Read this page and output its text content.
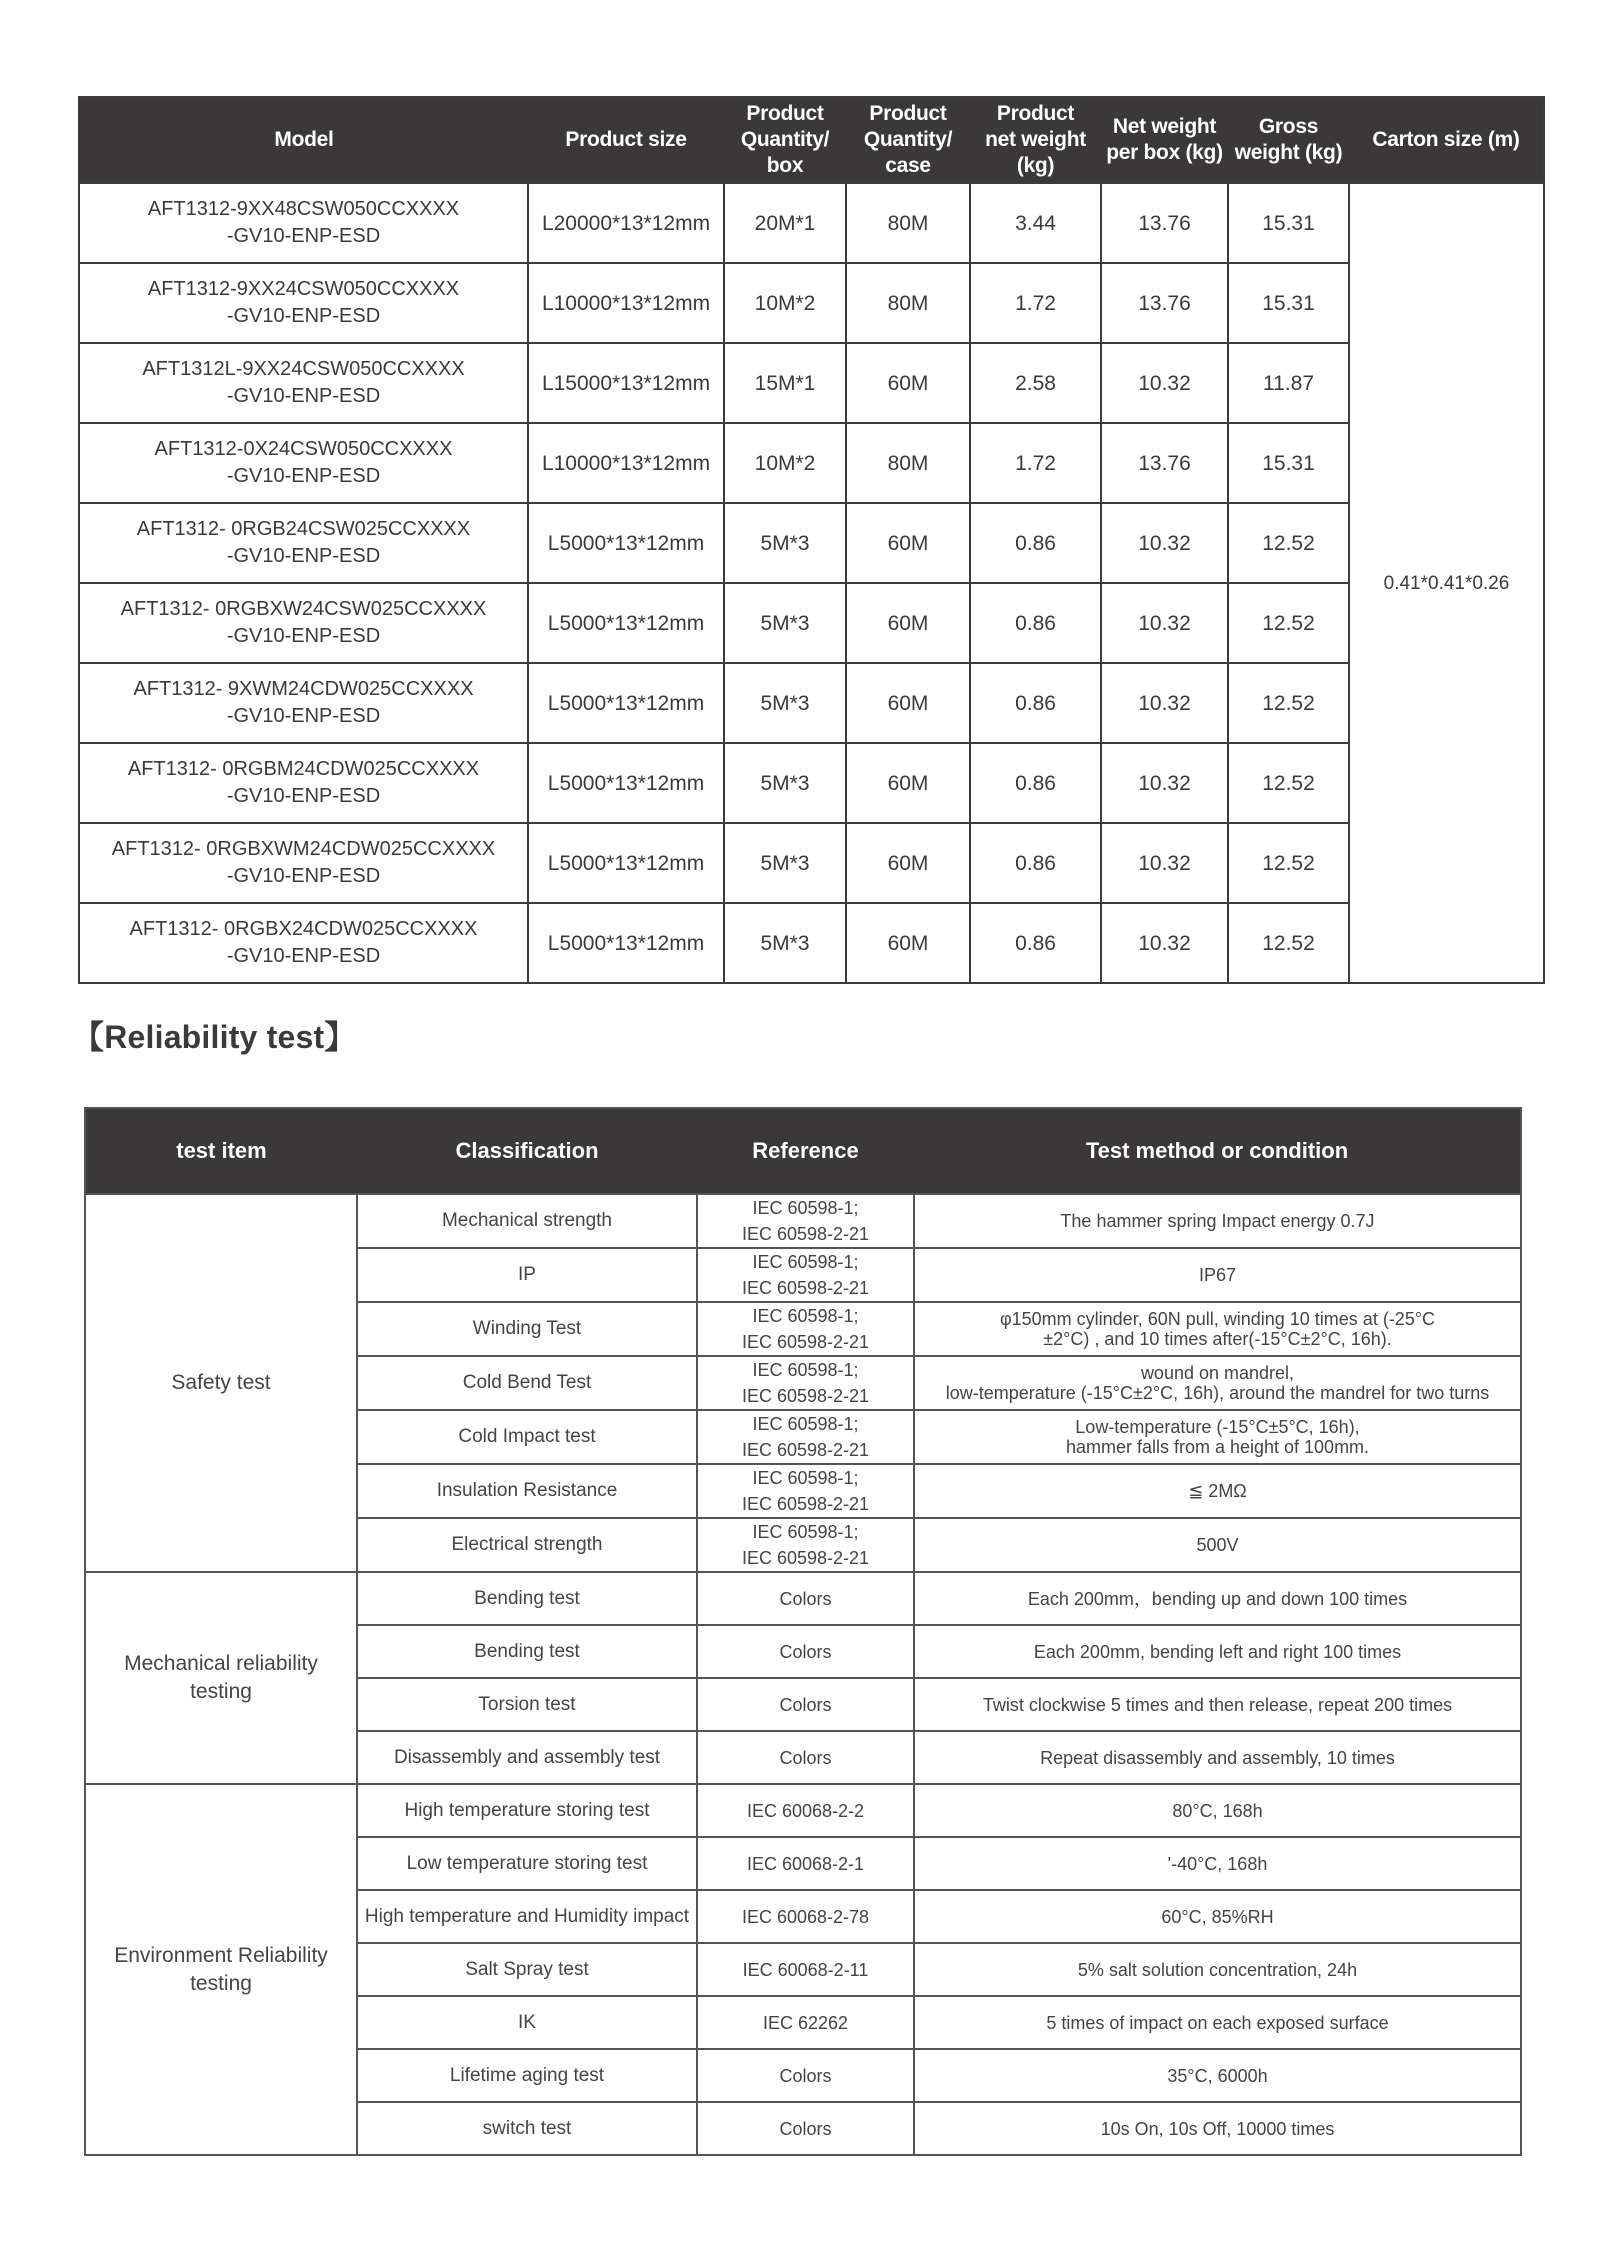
Model	Product size	Product
Quantity/
box	Product
Quantity/
case	Product
net weight
(kg)	Net weight
per box (kg)	Gross
weight (kg)	Carton size (m)
AFT1312-9XX48CSW050CCXXXX
-GV10-ENP-ESD	L20000*13*12mm	20M*1	80M	3.44	13.76	15.31	0.41*0.41*0.26
AFT1312-9XX24CSW050CCXXXX
-GV10-ENP-ESD	L10000*13*12mm	10M*2	80M	1.72	13.76	15.31	
AFT1312L-9XX24CSW050CCXXXX
-GV10-ENP-ESD	L15000*13*12mm	15M*1	60M	2.58	10.32	11.87	
AFT1312-0X24CSW050CCXXXX
-GV10-ENP-ESD	L10000*13*12mm	10M*2	80M	1.72	13.76	15.31	
AFT1312- 0RGB24CSW025CCXXXX
-GV10-ENP-ESD	L5000*13*12mm	5M*3	60M	0.86	10.32	12.52	
AFT1312- 0RGBXW24CSW025CCXXXX
-GV10-ENP-ESD	L5000*13*12mm	5M*3	60M	0.86	10.32	12.52	
AFT1312- 9XWM24CDW025CCXXXX
-GV10-ENP-ESD	L5000*13*12mm	5M*3	60M	0.86	10.32	12.52	
AFT1312- 0RGBM24CDW025CCXXXX
-GV10-ENP-ESD	L5000*13*12mm	5M*3	60M	0.86	10.32	12.52	
AFT1312- 0RGBXWM24CDW025CCXXXX
-GV10-ENP-ESD	L5000*13*12mm	5M*3	60M	0.86	10.32	12.52	
AFT1312- 0RGBX24CDW025CCXXXX
-GV10-ENP-ESD	L5000*13*12mm	5M*3	60M	0.86	10.32	12.52	
【Reliability test】
test item	Classification	Reference	Test method or condition
Safety test	Mechanical strength	IEC 60598-1;
IEC 60598-2-21	The hammer spring Impact energy 0.7J
	IP	IEC 60598-1;
IEC 60598-2-21	IP67
	Winding Test	IEC 60598-1;
IEC 60598-2-21	φ150mm cylinder, 60N pull, winding 10 times at (-25°C
±2°C) , and 10 times after(-15°C±2°C, 16h).
	Cold Bend Test	IEC 60598-1;
IEC 60598-2-21	wound on mandrel,
low-temperature (-15°C±2°C, 16h), around the mandrel for two turns
	Cold Impact test	IEC 60598-1;
IEC 60598-2-21	Low-temperature (-15°C±5°C, 16h),
hammer falls from a height of 100mm.
	Insulation Resistance	IEC 60598-1;
IEC 60598-2-21	≦ 2MΩ
	Electrical strength	IEC 60598-1;
IEC 60598-2-21	500V
Mechanical reliability
testing	Bending test	Colors	Each 200mm，bending up and down 100 times
	Bending test	Colors	Each 200mm, bending left and right 100 times
	Torsion test	Colors	Twist clockwise 5 times and then release, repeat 200 times
	Disassembly and assembly test	Colors	Repeat disassembly and assembly, 10 times
Environment Reliability
testing	High temperature storing test	IEC 60068-2-2	80°C, 168h
	Low temperature storing test	IEC 60068-2-1	'-40°C, 168h
	High temperature and Humidity impact	IEC 60068-2-78	60°C, 85%RH
	Salt Spray test	IEC 60068-2-11	5% salt solution concentration, 24h
	IK	IEC 62262	5 times of impact on each exposed surface
	Lifetime aging test	Colors	35°C, 6000h
	switch test	Colors	10s On, 10s Off, 10000 times
